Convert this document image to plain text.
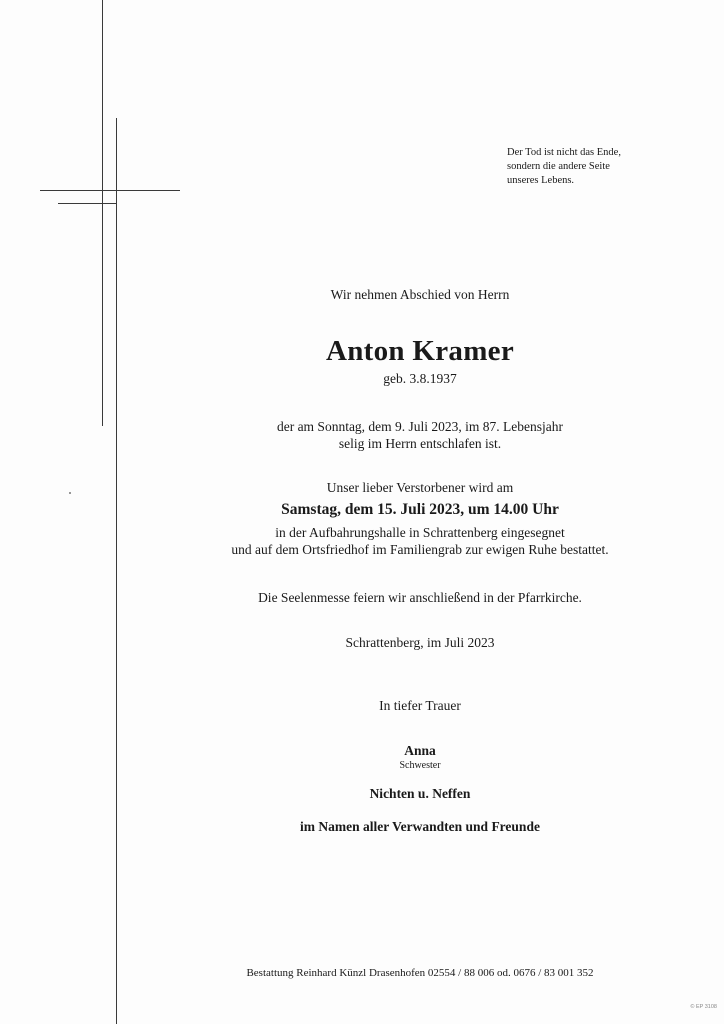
Der Tod ist nicht das Ende,
sondern die andere Seite
unseres Lebens.
Wir nehmen Abschied von Herrn
Anton Kramer
geb. 3.8.1937
der am Sonntag, dem 9. Juli 2023, im 87. Lebensjahr
selig im Herrn entschlafen ist.
Unser lieber Verstorbener wird am
Samstag, dem 15. Juli 2023, um 14.00 Uhr
in der Aufbahrungshalle in Schrattenberg eingesegnet
und auf dem Ortsfriedhof im Familiengrab zur ewigen Ruhe bestattet.
Die Seelenmesse feiern wir anschließend in der Pfarrkirche.
Schrattenberg, im Juli 2023
In tiefer Trauer
Anna
Schwester
Nichten u. Neffen
im Namen aller Verwandten und Freunde
Bestattung Reinhard Künzl Drasenhofen 02554 / 88 006 od. 0676 / 83 001 352
© EP 3108
